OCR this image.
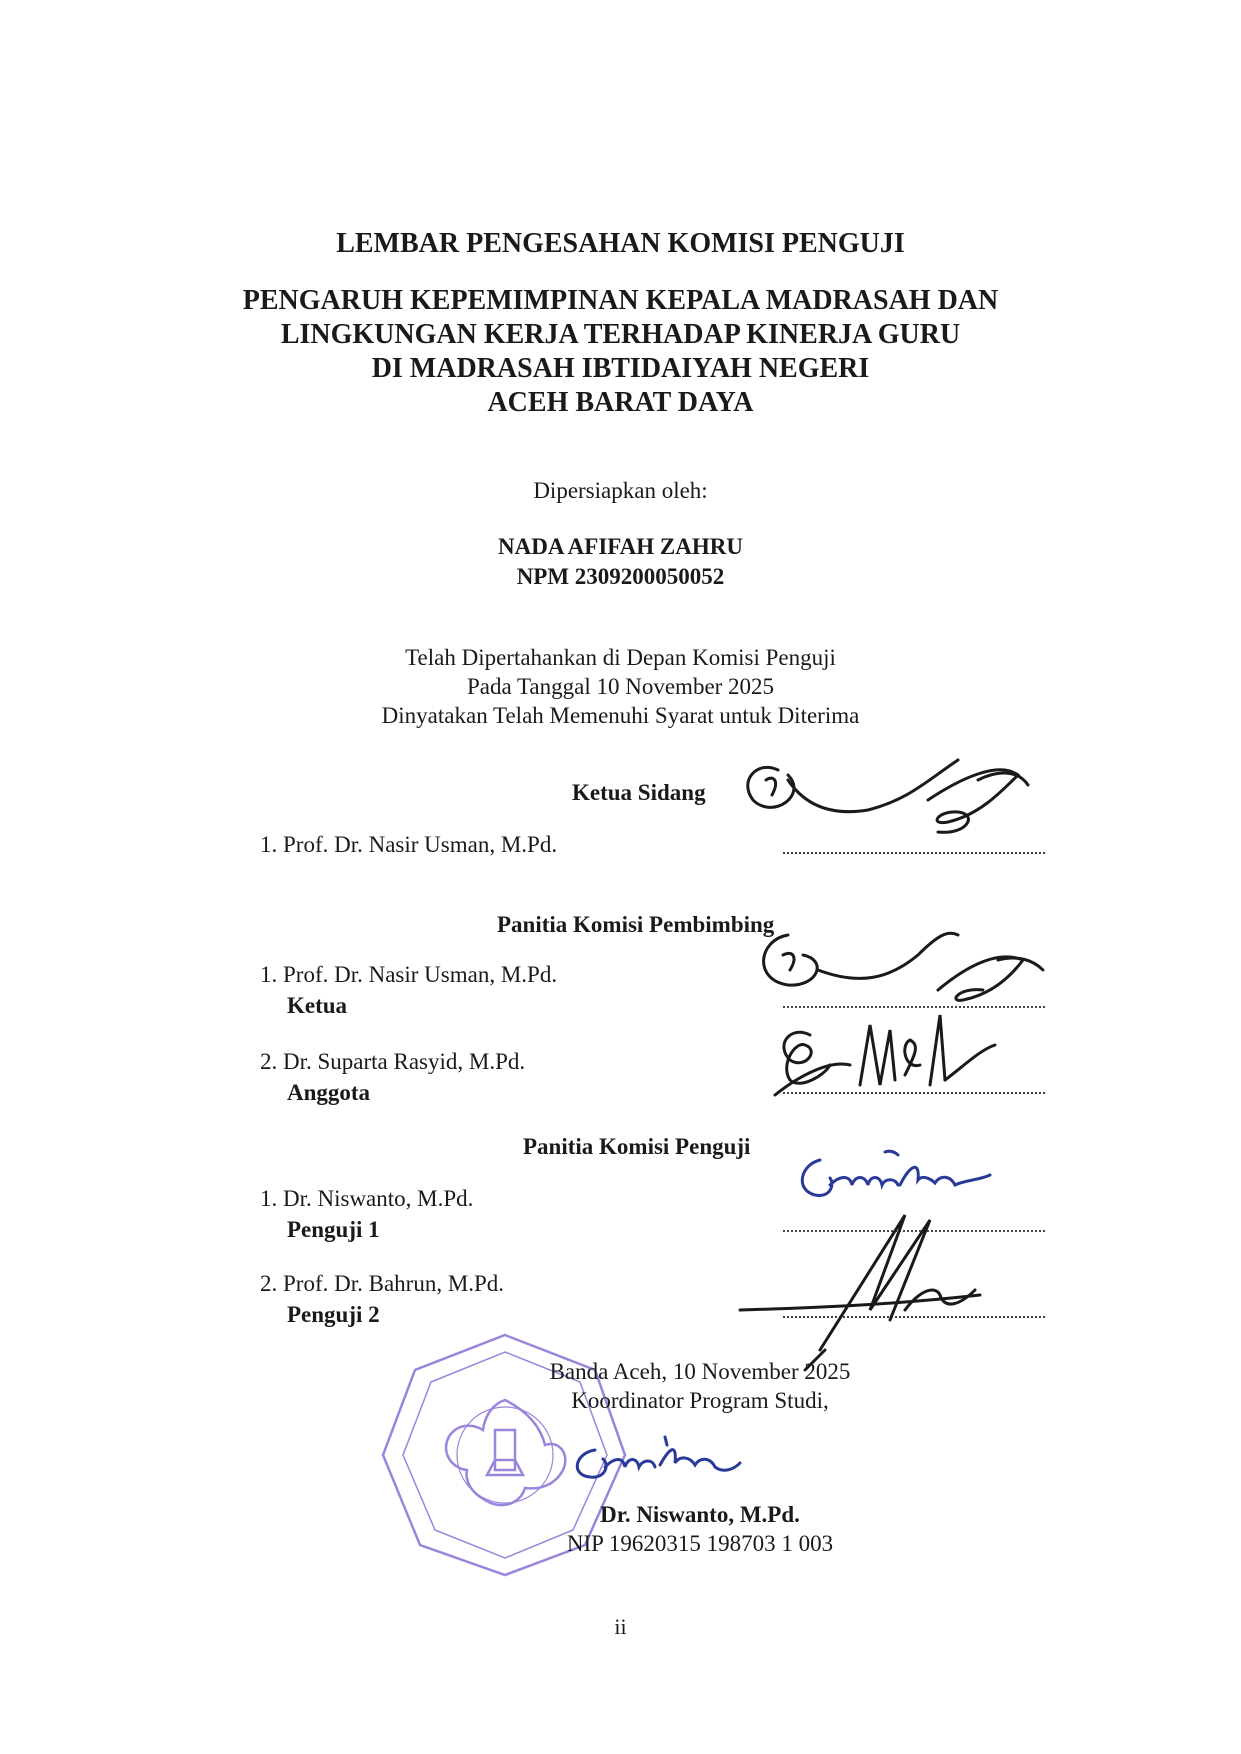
LEMBAR PENGESAHAN KOMISI PENGUJI
PENGARUH KEPEMIMPINAN KEPALA MADRASAH DAN
LINGKUNGAN KERJA TERHADAP KINERJA GURU
DI MADRASAH IBTIDAIYAH NEGERI
ACEH BARAT DAYA
Dipersiapkan oleh:
NADA AFIFAH ZAHRU
NPM 2309200050052
Telah Dipertahankan di Depan Komisi Penguji
Pada Tanggal 10 November 2025
Dinyatakan Telah Memenuhi Syarat untuk Diterima
Ketua Sidang
1. Prof. Dr. Nasir Usman, M.Pd.
Panitia Komisi Pembimbing
1. Prof. Dr. Nasir Usman, M.Pd.
Ketua
2. Dr. Suparta Rasyid, M.Pd.
Anggota
Panitia Komisi Penguji
1. Dr. Niswanto, M.Pd.
Penguji 1
2. Prof. Dr. Bahrun, M.Pd.
Penguji 2
Banda Aceh, 10 November 2025
Koordinator Program Studi,
Dr. Niswanto, M.Pd.
NIP 19620315 198703 1 003
ii
